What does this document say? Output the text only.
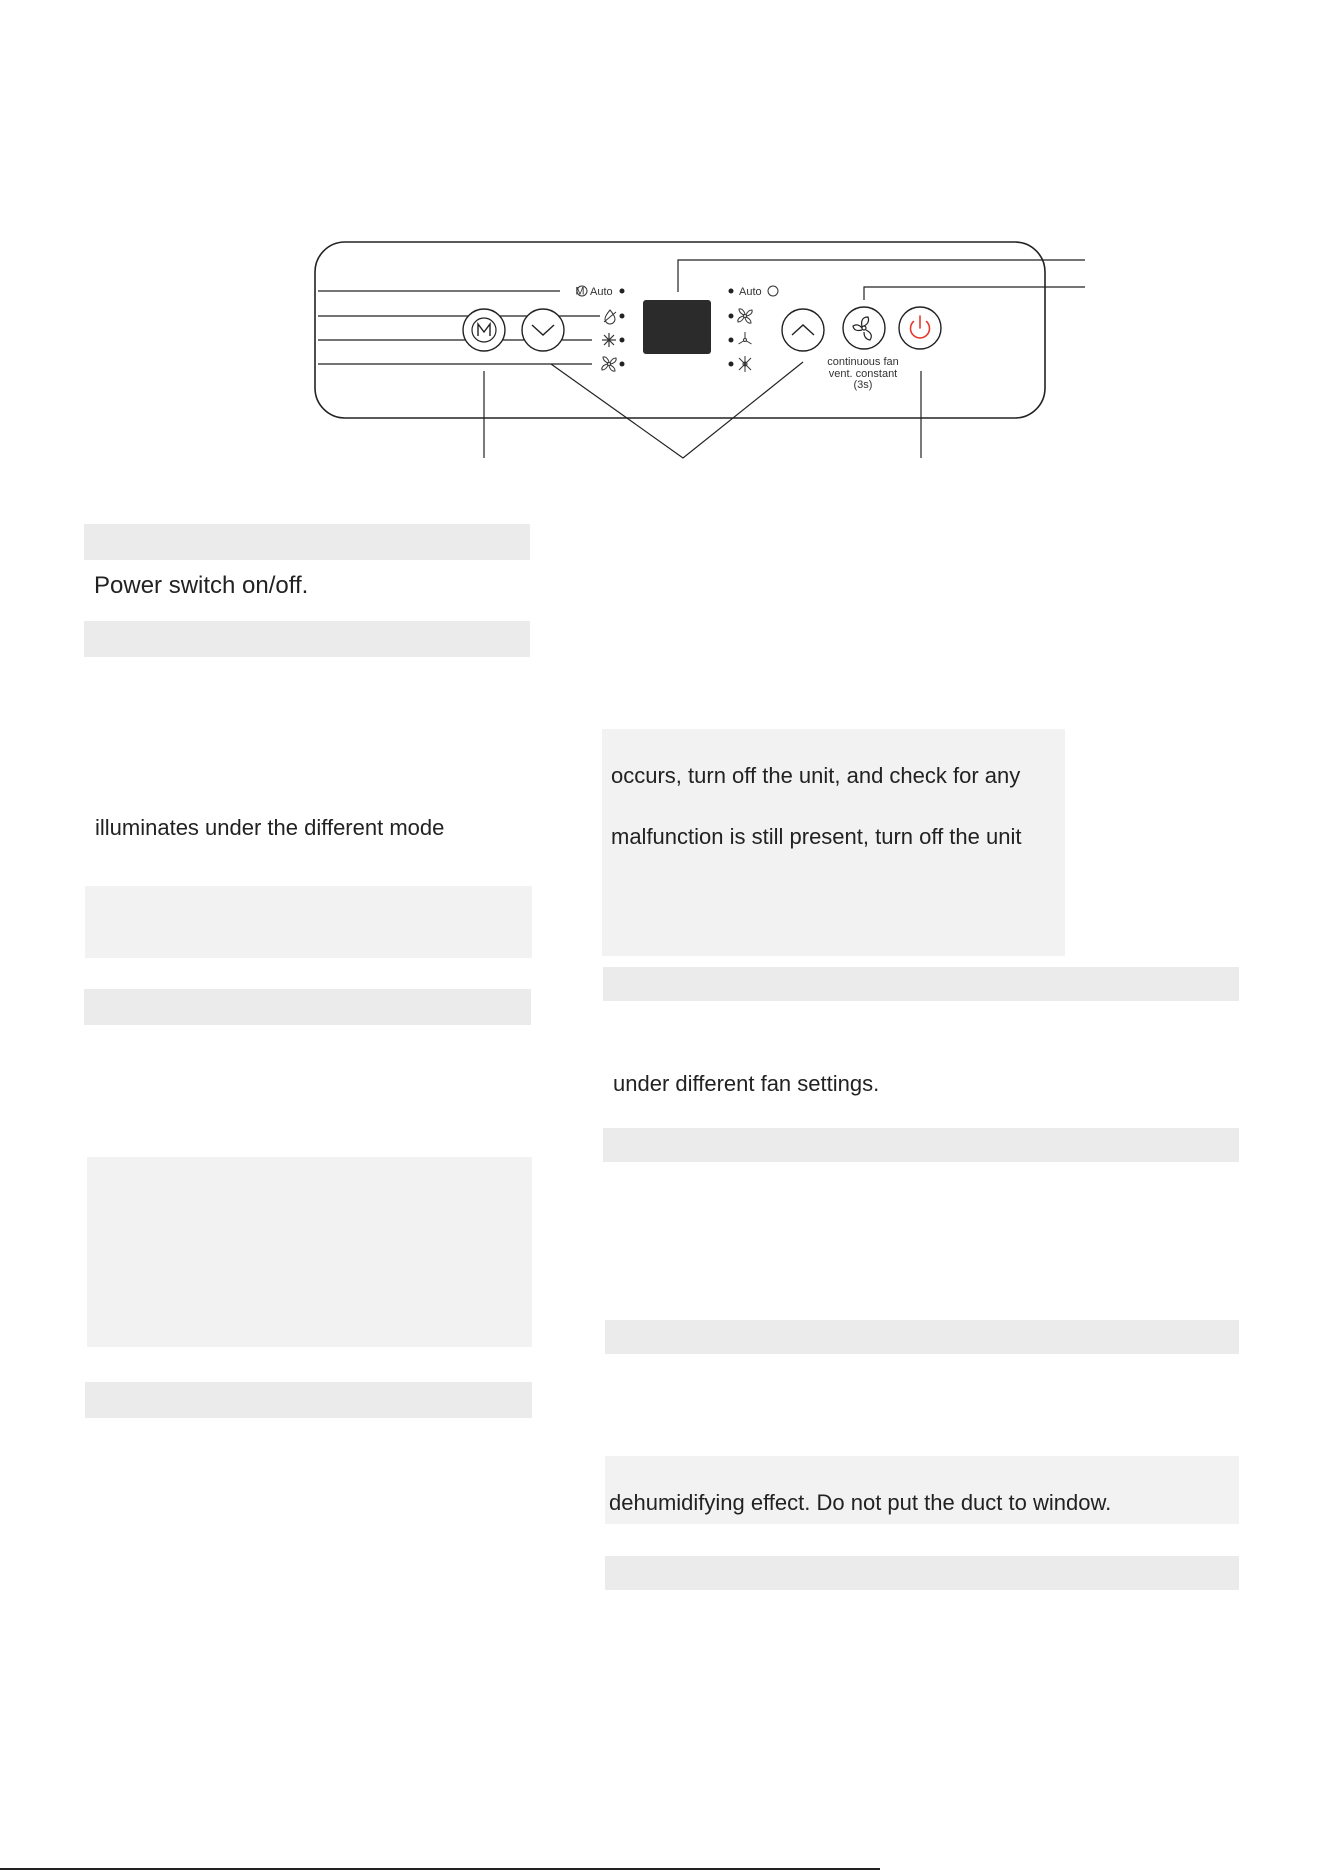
M Auto	Auto
continuous fan
vent. constant
(3s)
Power switch on/off.
illuminates under the different mode
occurs, turn off the unit, and check for any
malfunction is still present, turn off the unit
under different fan settings.
dehumidifying effect. Do not put the duct to window.
